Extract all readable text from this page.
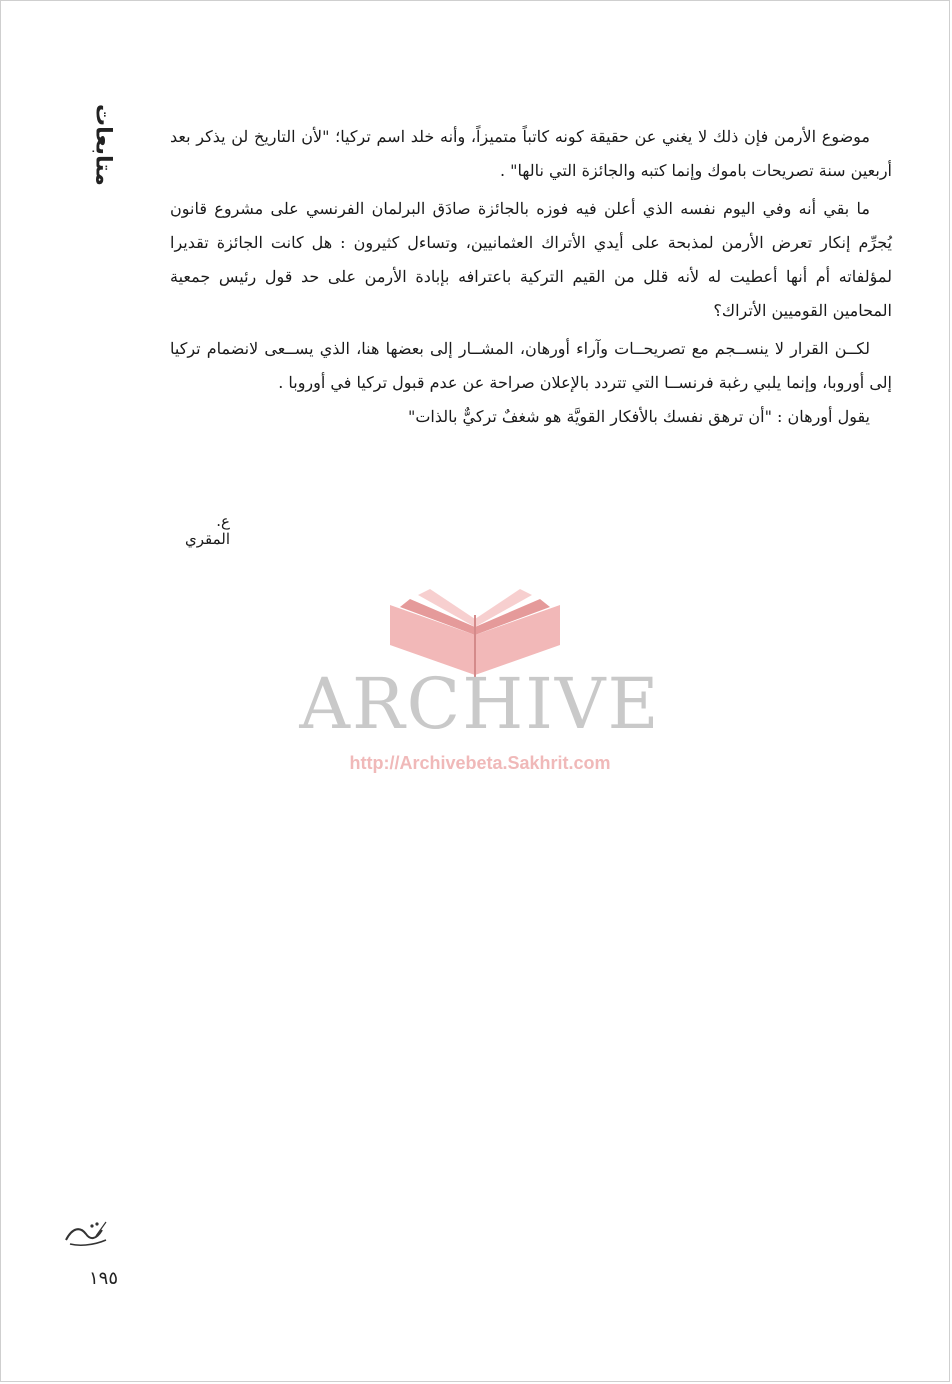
متابعات	موضوع الأرمن فإن ذلك لا يغني عن حقيقة كونه كاتباً متميزاً، وأنه خلد اسم تركيا؛ "لأن التاريخ لن يذكر بعد أربعين سنة تصريحات باموك وإنما كتبه والجائزة التي نالها" .

ما بقي أنه وفي اليوم نفسه الذي أعلن فيه فوزه بالجائزة صادَق البرلمان الفرنسي على مشروع قانون يُجرِّم إنكار تعرض الأرمن لمذبحة على أيدي الأتراك العثمانيين، وتساءل كثيرون : هل كانت الجائزة تقديرا لمؤلفاته أم أنها أعطيت له لأنه قلل من القيم التركية باعترافه بإبادة الأرمن على حد قول رئيس جمعية المحامين القوميين الأتراك؟

لكــن القرار لا ينســجم مع تصريحــات وآراء أورهان، المشــار إلى بعضها هنا، الذي يســعى لانضمام تركيا إلى أوروبا، وإنما يلبي رغبة فرنســا التي تتردد بالإعلان صراحة عن عدم قبول تركيا في أوروبا .

يقول أورهان : "أن ترهق نفسك بالأفكار القويَّة هو شغفٌ تركيٌّ بالذات"

ع. المقري
ARCHIVE
http://Archivebeta.Sakhrit.com
١٩٥
